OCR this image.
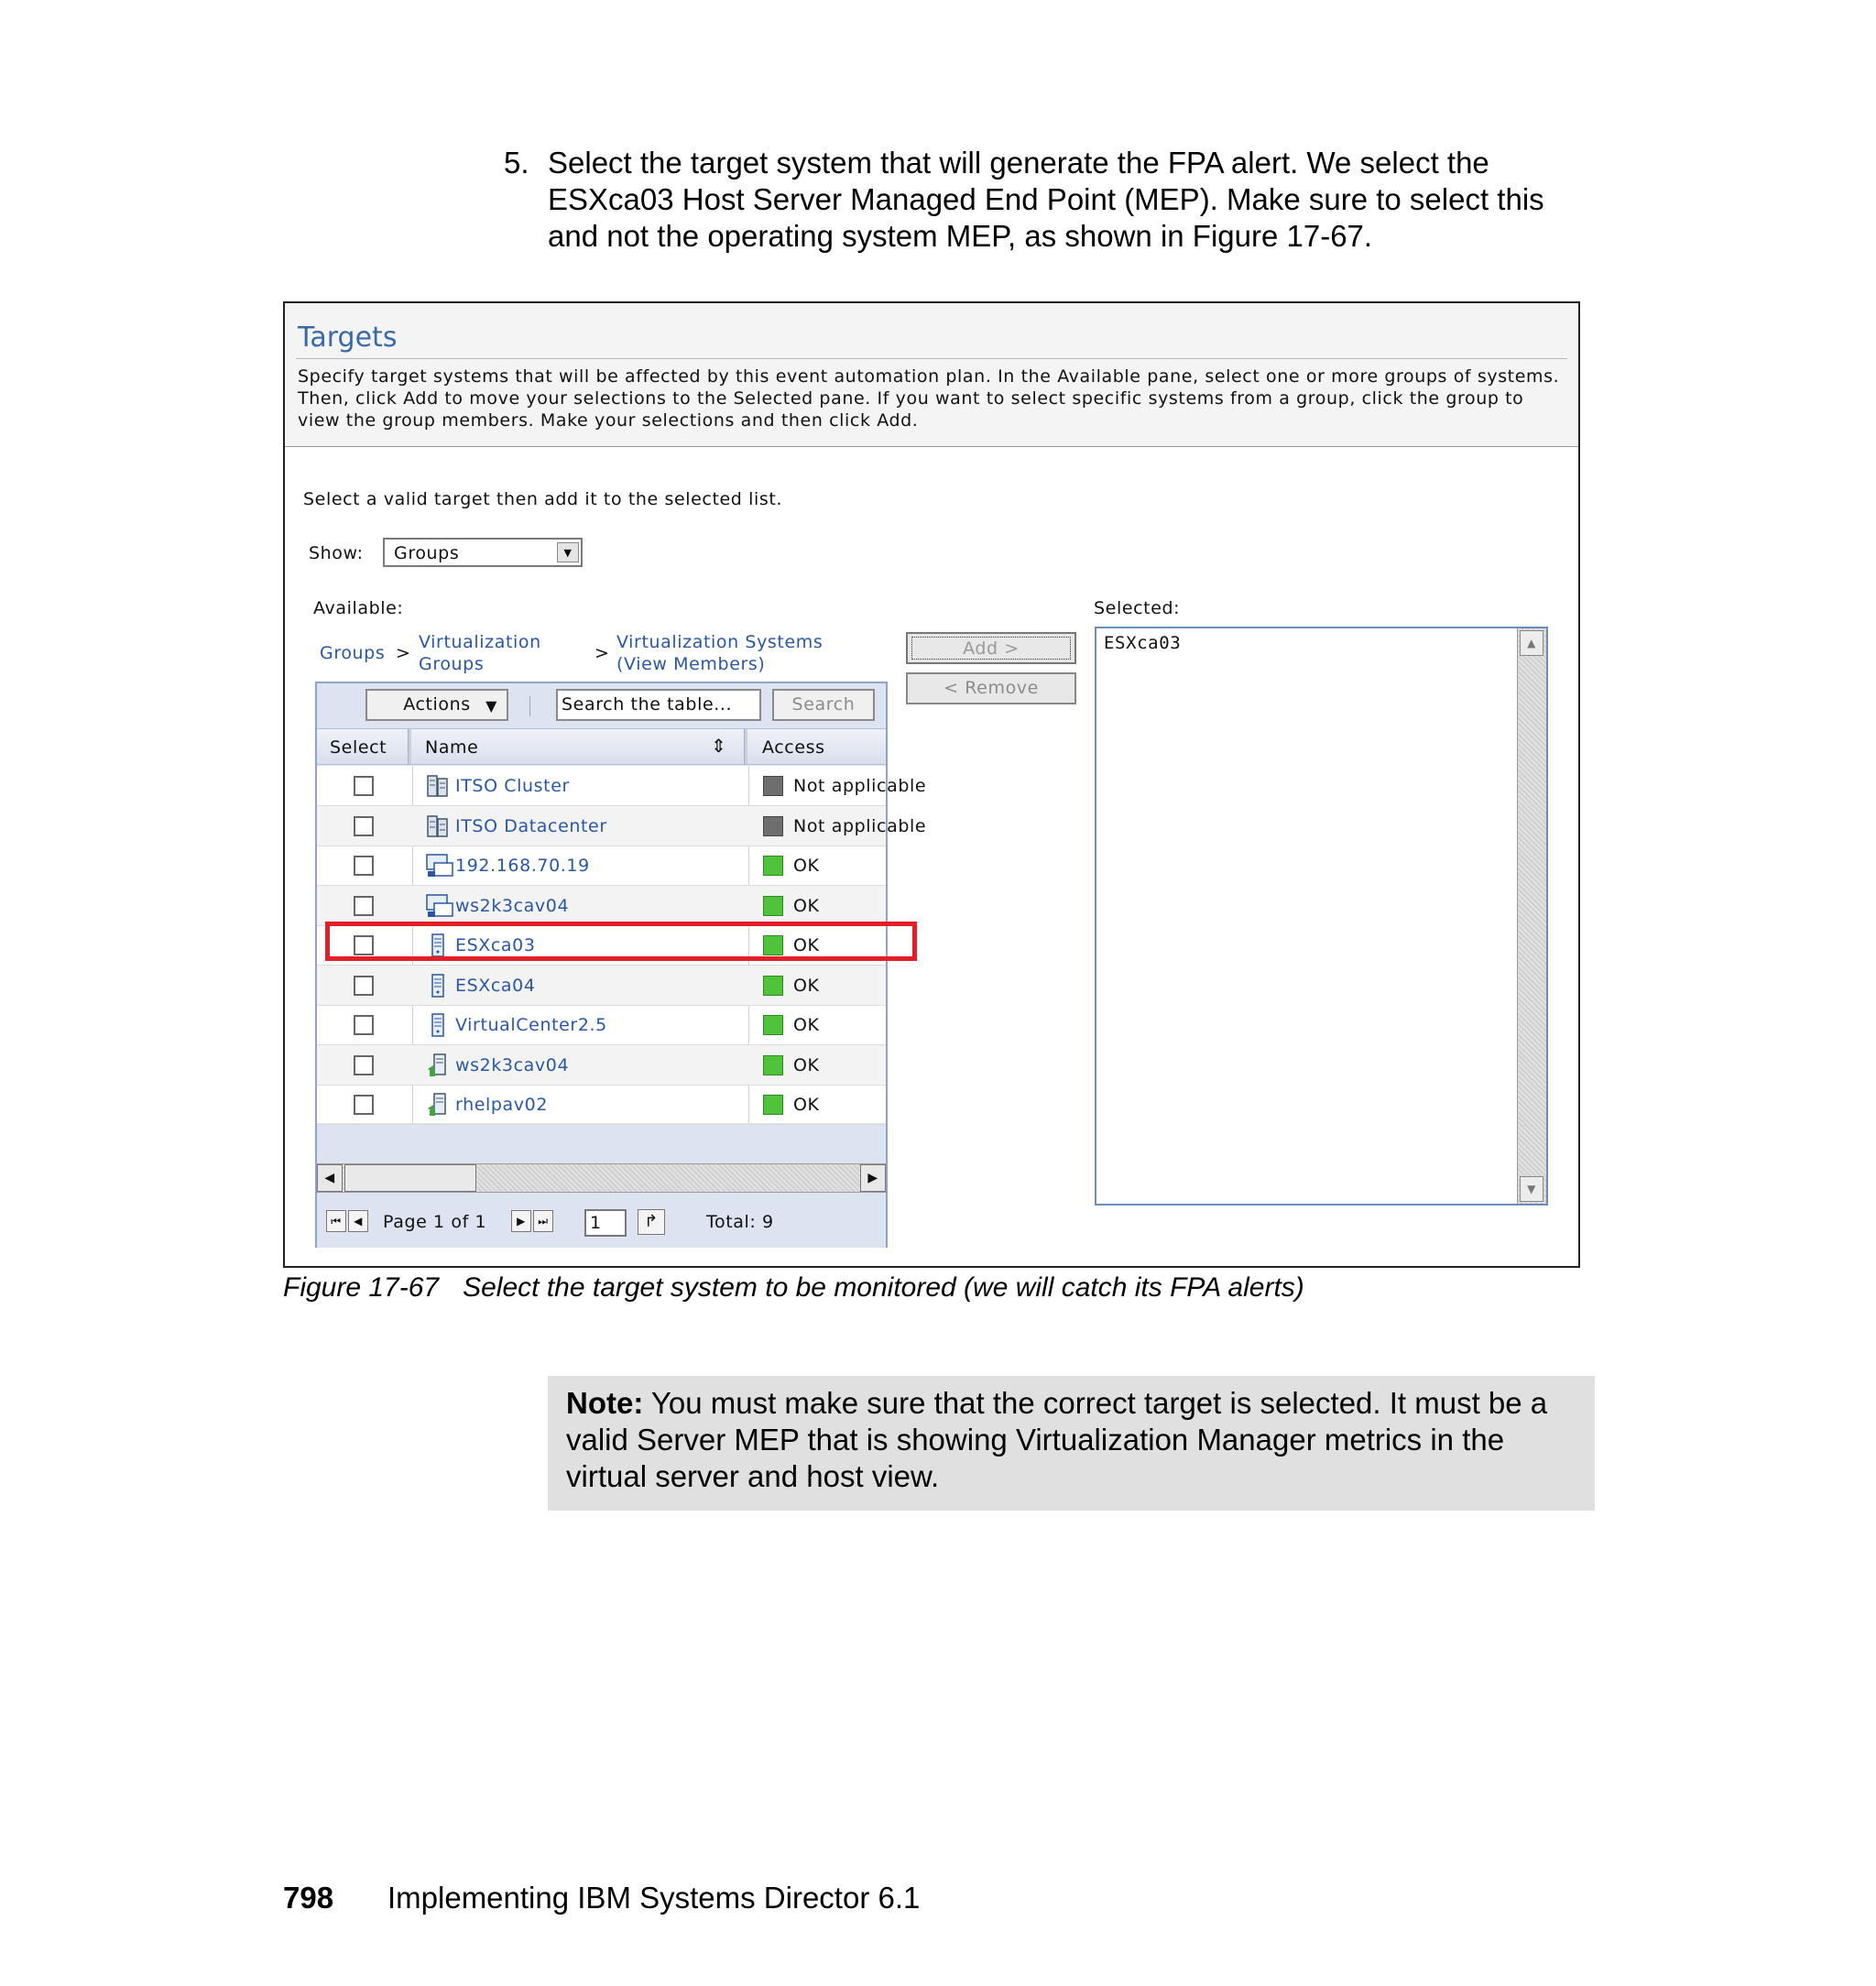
5. Select the target system that will generate the FPA alert. We select the ESXca03 Host Server Managed End Point (MEP). Make sure to select this and not the operating system MEP, as shown in Figure 17-67.
Targets
Specify target systems that will be affected by this event automation plan. In the Available pane, select one or more groups of systems. Then, click Add to move your selections to the Selected pane. If you want to select specific systems from a group, click the group to view the group members. Make your selections and then click Add.
Select a valid target then add it to the selected list.
Show: Groups	▼
Available:	Selected:
Groups >
Virtualization
Groups
>
Virtualization Systems
(View Members)
Actions ▼	Search the table...	Search
Select Name	⇕ Access
ITSO Cluster	Not applicable
ITSO Datacenter	Not applicable
192.168.70.19	OK
ws2k3cav04	OK
ESXca03	OK
ESXca04	OK
VirtualCenter2.5	OK
ws2k3cav04	OK
rhelpav02	OK
◀	▶
⏮	◀	Page 1 of 1	▶	⏭	1	↱	Total: 9
Add >
< Remove
ESXca03	▲
▼
Figure 17-67 Select the target system to be monitored (we will catch its FPA alerts)
Note: You must make sure that the correct target is selected. It must be a valid Server MEP that is showing Virtualization Manager metrics in the virtual server and host view.
798 Implementing IBM Systems Director 6.1
